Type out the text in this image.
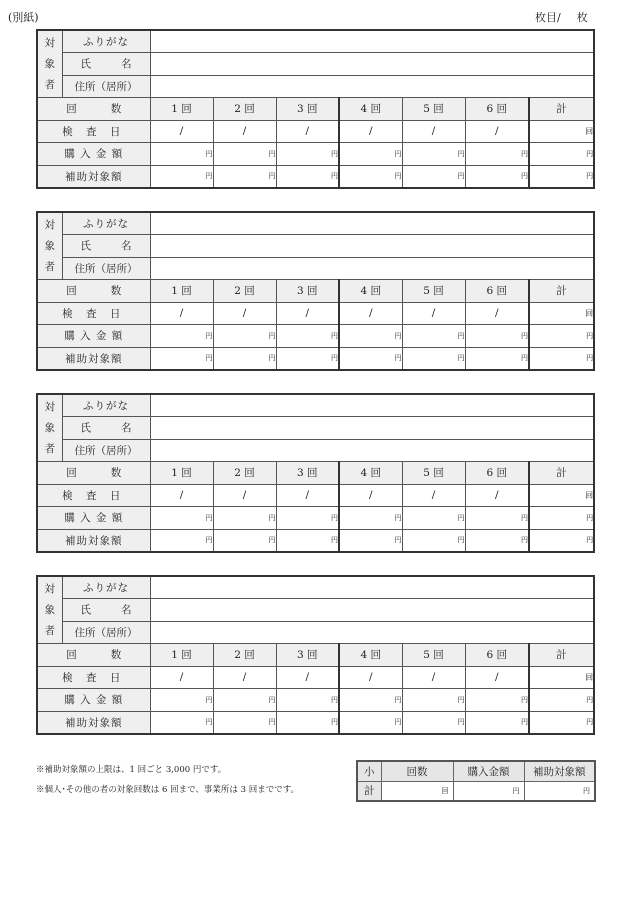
(別紙)	枚目/ 枚
対
象
者	ふりがな							
	氏 名							
	住所（居所）							
回 数		1 回	2 回	3 回	4 回	5 回	6 回	計
検 査 日		/	/	/	/	/	/	回
購 入 金 額		円	円	円	円	円	円	円
補助対象額		円	円	円	円	円	円	円
対
象
者	ふりがな							
	氏 名							
	住所（居所）							
回 数		1 回	2 回	3 回	4 回	5 回	6 回	計
検 査 日		/	/	/	/	/	/	回
購 入 金 額		円	円	円	円	円	円	円
補助対象額		円	円	円	円	円	円	円
対
象
者	ふりがな							
	氏 名							
	住所（居所）							
回 数		1 回	2 回	3 回	4 回	5 回	6 回	計
検 査 日		/	/	/	/	/	/	回
購 入 金 額		円	円	円	円	円	円	円
補助対象額		円	円	円	円	円	円	円
対
象
者	ふりがな							
	氏 名							
	住所（居所）							
回 数		1 回	2 回	3 回	4 回	5 回	6 回	計
検 査 日		/	/	/	/	/	/	回
購 入 金 額		円	円	円	円	円	円	円
補助対象額		円	円	円	円	円	円	円
※補助対象額の上限は、1 回ごと 3,000 円です。
※個人･その他の者の対象回数は 6 回まで、事業所は 3 回までです。
小	回数	購入金額	補助対象額
計	回	円	円
